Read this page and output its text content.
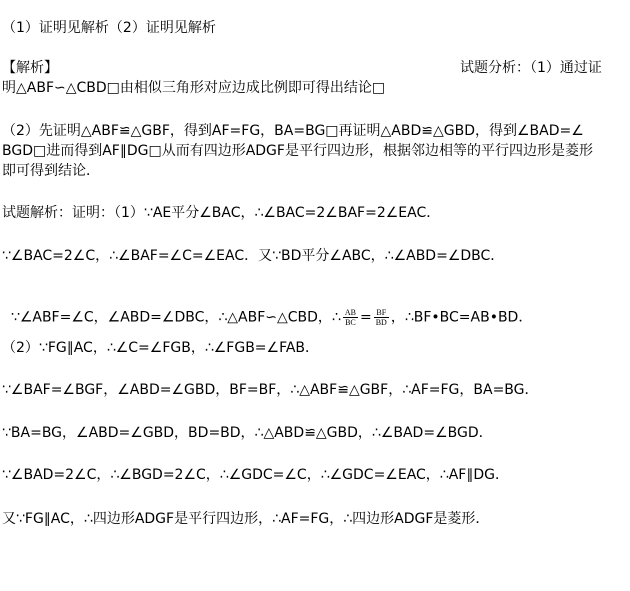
（1）证明见解析（2）证明见解析
【解析】	试题分析：（1）通过证
明△ABF∽△CBD□由相似三角形对应边成比例即可得出结论□
（2）先证明△ABF≌△GBF，得到AF=FG，BA=BG□再证明△ABD≌△GBD，得到∠BAD=∠
BGD□进而得到AF∥DG□从而有四边形ADGF是平行四边形，根据邻边相等的平行四边形是菱形
即可得到结论．
试题解析：证明：（1）∵AE平分∠BAC，∴∠BAC=2∠BAF=2∠EAC．
∵∠BAC=2∠C，∴∠BAF=∠C=∠EAC．又∵BD平分∠ABC，∴∠ABD=∠DBC．

∵∠ABF=∠C，∠ABD=∠DBC，∴△ABF∽△CBD，∴ $\frac{AB}{BC} = \frac{BF}{BD}$ ，∴BF•BC=AB•BD．

（2）∵FG∥AC，∴∠C=∠FGB，∴∠FGB=∠FAB．
∵∠BAF=∠BGF，∠ABD=∠GBD，BF=BF，∴△ABF≌△GBF，∴AF=FG，BA=BG．
∵BA=BG，∠ABD=∠GBD，BD=BD，∴△ABD≌△GBD，∴∠BAD=∠BGD．
∵∠BAD=2∠C，∴∠BGD=2∠C，∴∠GDC=∠C，∴∠GDC=∠EAC，∴AF∥DG．
又∵FG∥AC，∴四边形ADGF是平行四边形，∴AF=FG，∴四边形ADGF是菱形．
